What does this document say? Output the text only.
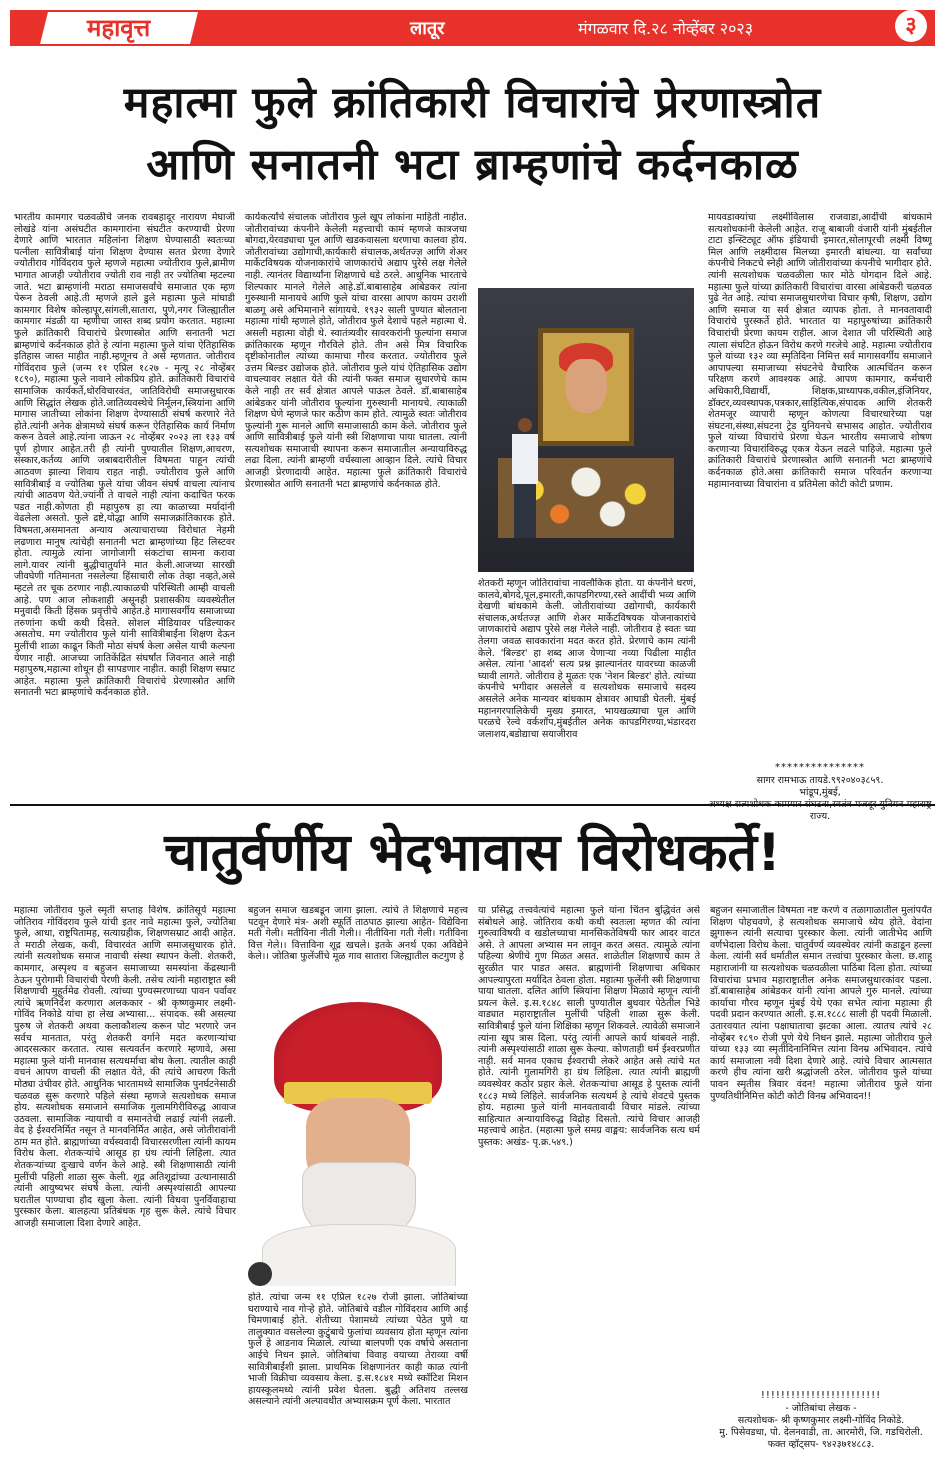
महावृत्त	लातूर	मंगळवार दि.२८ नोव्हेंबर २०२३	३
महात्मा फुले क्रांतिकारी विचारांचे प्रेरणास्त्रोत
आणि सनातनी भटा ब्राम्हणांचे कर्दनकाळ

भारतीय कामगार चळवळीचे जनक रावबहादूर नारायण मेघाजी लोखंडे यांना असंघटीत कामगारांना संघटीत करण्याची प्रेरणा देणारे आणि भारतात महिलांना शिक्षण घेण्यासाठी स्वतःच्या पत्नीला सावित्रीबाई यांना शिक्षण देण्यास सतत प्रेरणा देणारे ज्योतीराव गोविंदराव फुले म्हणजे महात्मा ज्योतीराव फुले,ब्रामीण भागात आजही ज्योतीराव ज्योती राव नाही तर ज्योतिबा म्हटल्या जाते. भटा ब्राम्हणांनी मराठा समाजसर्वांचे समाजात एक म्हण पेरून ठेवली आहे.ती म्हणजे हाले डुले महात्मा फुले मांघाडी कामगार विशेष कोल्हापूर,सांगली,सातारा, पुणे,नगर जिल्ह्यातील कामगार मंडळी या म्हणीचा जास्त शब्द प्रयोग करतात. महात्मा फुले क्रांतिकारी विचारांचे प्रेरणास्त्रोत आणि सनातनी भटा ब्राम्हणांचे कर्दनकाळ होते हे त्यांना महात्मा फुले यांचा ऐतिहासिक इतिहास जास्त माहीत नाही.म्हणूनच ते असे म्हणतात. जोतीराव गोविंदराव फुले (जन्म ११ एप्रिल १८२७ - मृत्यू २८ नोव्हेंबर १८९०), महात्मा फुले नावाने लोकप्रिय होते. क्रांतिकारी विचारांचे सामाजिक कार्यकर्ते,धोरविचारवंत, जातिविरोधी समाजसुधारक आणि सिद्धांत लेखक होते.जातिव्यवस्थेचे निर्मूलन,स्त्रियांना आणि मागास जातीच्या लोकांना शिक्षण देण्यासाठी संघर्ष करणारे नेते होते.त्यांनी अनेक क्षेत्रामध्ये संघर्ष करून ऐतिहासिक कार्य निर्माण करून ठेवले आहे.त्यांना जाऊन २८ नोव्हेंबर २०२३ ला १३३ वर्ष पूर्ण होणार आहेत.तरी ही त्यांनी पुण्यातील शिक्षण,आचरण, संस्कार,कर्तव्य आणि जबाबदारीतील विषमता पाहून त्यांची आठवण झाल्या शिवाय राहत नाही. ज्योतीराव फुले आणि सावित्रीबाई व ज्योतिबा फुले यांचा जीवन संघर्ष वाचला त्यांनाच त्यांची आठवण येते.ज्यांनी ते वाचले नाही त्यांना कदाचित फरक पडत नाही.कोणता ही महापुरुष हा त्या काळाच्या मर्यादांनी वेढलेला असतो. फुले द्रष्टे,योद्धा आणि समाजक्रांतिकारक होते. विषमता,असमानता अन्याय अत्याचाराच्या विरोधात नेहमी लढणारा मानुष त्यांचेही सनातनी भटा ब्राम्हणांच्या हिट लिस्टवर होता. त्यामुळे त्यांना जागोजागी संकटांचा सामना करावा लागे.यावर त्यांनी बुद्धीचातुर्याने मात केली.आजच्या सारखी जीवघेणी गतिमानता नसलेल्या हिंसाचारी लोक तेव्हा नव्हते,असे म्हटले तर चूक ठरणार नाही.त्याकाळची परिस्थिती आम्ही वाचली आहे. पण आज लोकशाही असूनही प्रशासकीय व्यवस्थेतील मनुवादी किती हिंसक प्रवृत्तीचे आहेत.हे मागासवर्गीय समाजाच्या तरुणांना कधी कधी दिसते. सोशल मीडियावर पडिल्याकर असतोच. मग ज्योतीराव फुले यांनी सावित्रीबाईंना शिक्षण देऊन मुलींची शाळा काढून किती मोठा संघर्ष केला असेल याची कल्पना येणार नाही. आजच्या जातिकेंद्रित संघर्षांत जिवनात आले नाही महापुरुष,महात्मा शोधून ही सापडणार नाहीत. काही शिक्षण सम्राट आहेत. महात्मा फुले क्रांतिकारी विचारांचे प्रेरणास्त्रोत आणि सनातनी भटा ब्राम्हणांचे कर्दनकाळ होते.

कार्यकर्त्यांचे संचालक जोतीराव फुले खूप लोकांना माहिती नाहीत. जोतीरावांच्या कंपनीने केलेली महत्त्वाची कामं म्हणजे कात्रजचा बोगदा,येरवड्याचा पूल आणि खडकवासला धरणाचा कालवा होय. जोतीरावांच्या उद्योगाची,कार्यकारी संचालक,अर्थतज्ज्ञ आणि शेअर मार्केटविषयक योजनाकारांचे जाणकारांचे अद्याप पुरेसे लक्ष गेलेले नाही. त्यानंतर विद्यार्थ्यांना शिक्षणाचे धडे ठरले. आधुनिक भारताचे शिल्पकार मानले गेलेले आहे.डॉ.बाबासाहेब आंबेडकर त्यांना गुरुस्थानी मानायचे आणि फुले यांचा वारसा आपण कायम उराशी बाळगू असे अभिमानाने सांगायचे. १९३२ साली पुण्यात बोलताना महात्मा गांधी म्हणाले होते, जोतीराव फुले देशाचे पहले महात्मा थे. असली महात्मा वोही थे. स्वातंत्र्यवीर सावरकरांनी फुल्यांना समाज क्रांतिकारक म्हणून गौरविले होते. तीन असे मित्र विचारिक दृष्टीकोनातील त्यांच्या कामाचा गौरव करतात. ज्योतीराव फुले उत्तम बिल्डर उद्योजक होते. जोतीराव फुले यांचं ऐतिहासिक उद्योग वाचल्यावर लक्षात येते की त्यांनी फक्त समाज सुधारणेचे काम केले नाही तर सर्व क्षेत्रात आपले पाऊल ठेवले. डॉ.बाबासाहेब आंबेडकर यांनी जोतीराव फुल्यांना गुरुस्थानी मानायचे. त्याकाळी शिक्षण घेणे म्हणजे फार कठीण काम होते. त्यामुळे स्वतः जोतीराव फुल्यांनी गुरू मानले आणि समाजासाठी काम केले. जोतीराव फुले आणि सावित्रीबाई फुले यांनी स्त्री शिक्षणाचा पाया घातला. त्यांनी सत्यशोधक समाजाची स्थापना करून समाजातील अन्यायाविरुद्ध लढा दिला. त्यांनी ब्राम्हणी वर्चस्वाला आव्हान दिले. त्यांचे विचार आजही प्रेरणादायी आहेत. महात्मा फुले क्रांतिकारी विचारांचे प्रेरणास्त्रोत आणि सनातनी भटा ब्राम्हणांचे कर्दनकाळ होते.

शेतकरी म्हणून जोतिरावांचा नावलौकिक होता. या कंपनीने धरणं, कालवे,बोगदे,पूल,इमारती,कापडगिरण्या,रस्ते आदींची भव्य आणि देखणी बांधकामे केली. जोतीरावांच्या उद्योगाची, कार्यकारी संचालक,अर्थतज्ज्ञ आणि शेअर मार्केटविषयक योजनाकारांचे जाणकारांचे अद्याप पुरेसे लक्ष गेलेले नाही. जोतीराव हे स्वतः च्या तेलगा जवळ सावकारांना मदत करत होते. प्रेरणाचे काम त्यांनी केले. 'बिल्डर' हा शब्द आज येणाऱ्या नव्या पिढीला माहीत असेल. त्यांना 'आदर्श' सत्य प्रश्न झाल्यानंतर यावरच्या काळजी घ्यावी लागते. जोतीराव हे मूळतः एक 'नेशन बिल्डर' होते. त्यांच्या कंपनीचे भगीदार असलेले व सत्यशोधक समाजाचे सदस्य असलेले अनेक मान्यवर बांधकाम क्षेत्रावर आघाडी घेतली. मुंबई महानगरपालिकेची मुख्य इमारत, भायखळ्याचा पूल आणि परळचे रेल्वे वर्कशॉप,मुंबईतील अनेक कापडगिरण्या,भंडारदरा जलाशय,बडोद्याचा सयाजीराव

मायवडाक्यांचा लक्ष्मीविलास राजवाडा,आर्दीची बांधकामे सत्यशोधकांनी केलेली आहेत. राजू बाबाजी वंजारी यांनी मुंबईतील टाटा इन्स्टिट्यूट ऑफ इंडियाची इमारत,सोलापूरची लक्ष्मी विष्णू मिल आणि लक्ष्मीदास मिलच्या इमारती बांधल्या. या सर्वांच्या कंपनीचे निकटचे स्नेही आणि जोतीरावांच्या कंपनीचे भागीदार होते. त्यांनी सत्यशोधक चळवळीला फार मोठे योगदान दिले आहे. महात्मा फुले यांच्या क्रांतिकारी विचारांचा वारसा आंबेडकरी चळवळ पुढे नेत आहे. त्यांचा समाजसुधारणेचा विचार कृषी, शिक्षण, उद्योग आणि समाज या सर्व क्षेत्रात व्यापक होता. ते मानवतावादी विचारांचे पुरस्कर्ते होते. भारतात या महापुरुषांच्या क्रांतिकारी विचारांची प्रेरणा कायम राहील. आज देशात जी परिस्थिती आहे त्याला संघटित होऊन विरोध करणे गरजेचे आहे. महात्मा ज्योतीराव फुले यांच्या १३२ व्या स्मृतिदिना निमित्त सर्व मागासवर्गीय समाजाने आपापल्या समाजाच्या संघटनेचे वैचारिक आत्मचिंतन करून परिक्षण करणे आवश्यक आहे. आपण कामगार, कर्मचारी अधिकारी,विद्यार्थी, शिक्षक,प्राध्यापक,वकील,इंजिनियर, डॉक्टर,व्यवस्थापक,पत्रकार,साहित्यिक,संपादक आणि शेतकरी शेतमजूर व्यापारी म्हणून कोणत्या विचारधारेच्या पक्ष संघटना,संस्था,संघटना ट्रेड युनियनचे सभासद आहोत. ज्योतीराव फुले यांच्या विचारांचे प्रेरणा घेऊन भारतीय समाजाचे शोषण करणाऱ्या विचारांविरुद्ध एकत्र येऊन लढले पाहिजे. महात्मा फुले क्रांतिकारी विचारांचे प्रेरणास्त्रोत आणि सनातनी भटा ब्राम्हणांचे कर्दनकाळ होते.असा क्रांतिकारी समाज परिवर्तन करणाऱ्या महामानवाच्या विचारांना व प्रतिमेला कोटी कोटी प्रणाम.

***************
सागर रामभाऊ तायडे.९९२०४०३८५९.
भांडूप,मुंबई,
राज्य.
चातुर्वर्णीय भेदभावास विरोधकर्ते!

महात्मा जोतीराव फुले स्मृती सप्ताह विशेष. क्रांतिसूर्य महात्मा जोतिराव गोविंदराव फुले यांची इतर नावे महात्मा फुले, ज्योतिबा फुले, आधा, राष्ट्रपितामह, सत्याग्रहीक, शिक्षणसम्राट आदी आहेत. ते मराठी लेखक, कवी, विचारवंत आणि समाजसुधारक होते. त्यांनी सत्यशोधक समाज नावाची संस्था स्थापन केली. शेतकरी, कामगार, अस्पृश्य व बहुजन समाजाच्या समस्यांना केंद्रस्थानी ठेऊन पुरोगामी विचारांची पेरणी केली. तसेच त्यांनी महाराष्ट्रात स्त्री शिक्षणाची मुहूर्तमेढ रोवली. त्यांच्या पुण्यस्मरणाच्या पावन पर्वावर त्यांचे ऋणनिर्देश करणारा अलककार - श्री कृष्णकुमार लक्ष्मी-गोविंद निकोडे यांचा हा लेख अभ्यासा... संपादक. स्त्री असल्या पुरुष जे शेतकरी अथवा कलाकौशल्य करून पोट भरणारे जन सर्वच मानतात, परंतु शेतकरी वर्गाने मदत करणाऱ्यांचा आदरसत्कार करतात. त्यास सत्यवर्तन करणारे म्हणावे, असा महात्मा फुले यांनी मानवास सत्यधर्माचा बोध केला. त्यातील काही वचनं आपण वाचली की लक्षात येते, की त्यांचे आचरण किती मोठ्या उंचीवर होते. आधुनिक भारतामध्ये सामाजिक पुनर्घटनेसाठी चळवळ सुरू करणारे पहिले संस्था म्हणजे सत्यशोधक समाज होय. सत्यशोधक समाजाने समाजिक गुलामगिरीविरुद्ध आवाज उठवला. सामाजिक न्यायाची व समानतेची लढाई त्यांनी लढली. वेद हे ईश्वरनिर्मित नसून ते मानवनिर्मित आहेत, असे जोतीरावांनी ठाम मत होते. ब्राह्मणांच्या वर्चस्ववादी विचारसरणीला त्यांनी कायम विरोध केला. शेतकऱ्यांचे आसूड हा ग्रंथ त्यांनी लिहिला. त्यात शेतकऱ्यांच्या दुःखाचे वर्णन केले आहे. स्त्री शिक्षणासाठी त्यांनी मुलींची पहिली शाळा सुरू केली. शूद्र अतिशूद्रांच्या उत्थानासाठी त्यांनी आयुष्यभर संघर्ष केला. त्यांनी अस्पृश्यांसाठी आपल्या घरातील पाण्याचा हौद खुला केला. त्यांनी विधवा पुनर्विवाहाचा पुरस्कार केला. बालहत्या प्रतिबंधक गृह सुरू केले. त्यांचे विचार आजही समाजाला दिशा देणारे आहेत.

बहुजन समाज खडबडून जागा झाला. त्यांचे ते शिक्षणाचे महत्त्व पटवून देणारे मंत्र- अशी स्फूर्ति ताठपाठ झाल्या आहेत- विद्येविना मती गेली। मतीविना नीती गेली।। नीतीविना गती गेली। गतीविना वित्त गेले।। वित्ताविना शूद्र खचले। इतके अनर्थ एका अविद्येने केले।। जोतिबा फुलेंजींचे मूळ गाव सातारा जिल्ह्यातील कटगुण हे

होते. त्यांचा जन्म ११ एप्रिल १८२७ रोजी झाला. जोतिबांच्या घराण्याचे नाव गोऱ्हे होते. जोतिबांचे वडील गोविंदराव आणि आई चिमणाबाई होते. शेतीच्या पेशामध्ये त्यांच्या पेठेत पुणे या तालुक्यात वसलेल्या कुटुंबाचे फुलांचा व्यवसाय होता म्हणून त्यांना फुले हे आडनाव मिळाले. त्यांच्या बालपणी एक वर्षाचे असताना आईचे निधन झाले. जोतिबांचा विवाह वयाच्या तेराव्या वर्षी सावित्रीबाईंशी झाला. प्राथमिक शिक्षणानंतर काही काळ त्यांनी भाजी विक्रीचा व्यवसाय केला. इ.स.१८४१ मध्ये स्कॉटिश मिशन हायस्कूलमध्ये त्यांनी प्रवेश घेतला. बुद्धी अतिशय तल्लख असल्याने त्यांनी अल्पावधीत अभ्यासक्रम पूर्ण केला. भारतात

या प्रसिद्ध तत्त्ववेत्यांचे महात्मा फुले यांना चिंतन बुद्धिवंत असे संबोधले आहे. जोतिराव कधी कधी स्वतःला म्हणत की त्यांना गुरुत्वाविषयी व खडोलच्याचा मानसिकतेविषयी फार आदर वाटत असे. ते आपला अभ्यास मन लावून करत असत. त्यामुळे त्यांना पहिल्या श्रेणीचे गुण मिळत असत. शाळेतील शिक्षणाचे काम ते सुरळीत पार पाडत असत. ब्राह्मणांनी शिक्षणाचा अधिकार आपल्यापुरता मर्यादित ठेवला होता. महात्मा फुलेंनी स्त्री शिक्षणाचा पाया घातला. दलित आणि स्त्रियांना शिक्षण मिळावे म्हणून त्यांनी प्रयत्न केले. इ.स.१८४८ साली पुण्यातील बुधवार पेठेतील भिडे वाड्यात महाराष्ट्रातील मुलींची पहिली शाळा सुरू केली. सावित्रीबाई फुले यांना शिक्षिका म्हणून शिकवले. त्यावेळी समाजाने त्यांना खूप त्रास दिला. परंतु त्यांनी आपले कार्य थांबवले नाही. त्यांनी अस्पृश्यांसाठी शाळा सुरू केल्या. कोणताही धर्म ईश्वरप्रणीत नाही. सर्व मानव एकाच ईश्वराची लेकरे आहेत असे त्यांचे मत होते. त्यांनी गुलामगिरी हा ग्रंथ लिहिला. त्यात त्यांनी ब्राह्मणी व्यवस्थेवर कठोर प्रहार केले. शेतकऱ्यांचा आसूड हे पुस्तक त्यांनी १८८३ मध्ये लिहिले. सार्वजनिक सत्यधर्म हे त्यांचे शेवटचे पुस्तक होय. महात्मा फुले यांनी मानवतावादी विचार मांडले. त्यांच्या साहित्यात अन्यायाविरुद्ध विद्रोह दिसतो. त्यांचे विचार आजही महत्त्वाचे आहेत. (महात्मा फुले समग्र वाङ्मय: सार्वजनिक सत्य धर्म पुस्तक: अखंड- पृ.क्र.५४९.)

बहुजन समाजातील विषमता नष्ट करणे व तळागाळातील मुलांपर्यंत शिक्षण पोहचवणे, हे सत्यशोधक समाजाचे ध्येय होते. वेदांना झुगारून त्यांनी सत्याचा पुरस्कार केला. त्यांनी जातीभेद आणि वर्णभेदाला विरोध केला. चातुर्वर्ण्य व्यवस्थेवर त्यांनी कडाडून हल्ला केला. त्यांनी सर्व धर्मातील समान तत्त्वांचा पुरस्कार केला. छ.शाहू महाराजांनी या सत्यशोधक चळवळीला पाठिंबा दिला होता. त्यांच्या विचारांचा प्रभाव महाराष्ट्रातील अनेक समाजसुधारकांवर पडला. डॉ.बाबासाहेब आंबेडकर यांनी त्यांना आपले गुरु मानले. त्यांच्या कार्याचा गौरव म्हणून मुंबई येथे एका सभेत त्यांना महात्मा ही पदवी प्रदान करण्यात आली. इ.स.१८८८ साली ही पदवी मिळाली. उतारवयात त्यांना पक्षाघाताचा झटका आला. त्यातच त्यांचे २८ नोव्हेंबर १८९० रोजी पुणे येथे निधन झाले. महात्मा जोतीराव फुले यांच्या १३३ व्या स्मृतीदिनानिमित्त त्यांना विनम्र अभिवादन. त्यांचे कार्य समाजाला नवी दिशा देणारे आहे. त्यांचे विचार आत्मसात करणे हीच त्यांना खरी श्रद्धांजली ठरेल. जोतीराव फुले यांच्या पावन स्मृतीस त्रिवार वंदन! महात्मा जोतीराव फुले यांना पुण्यतिथीनिमित्त कोटी कोटी विनम्र अभिवादन!!

!!!!!!!!!!!!!!!!!!!!!!!!
- जोतिबांचा लेखक -
सत्यशोधक- श्री कृष्णकुमार लक्ष्मी-गोविंद निकोडे.
मु. पिसेवडधा, पो. देलनवाडी, ता. आरमोरी, जि. गडचिरोली.
फक्त व्हॉट्सप- ९४२३७१४८८३.
